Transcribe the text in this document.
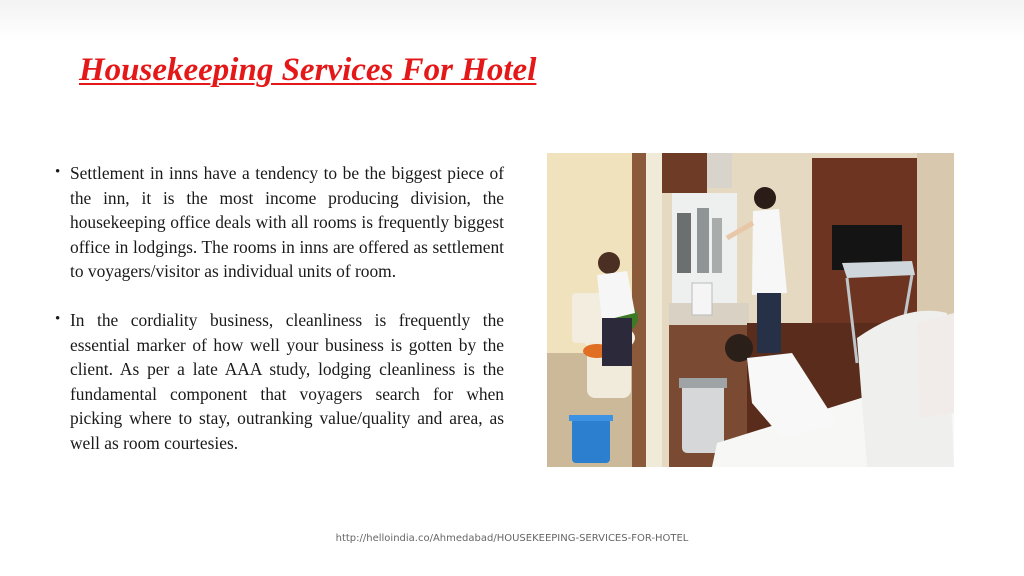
Housekeeping Services For Hotel
• Settlement in inns have a tendency to be the biggest piece of the inn, it is the most income producing division, the housekeeping office deals with all rooms is frequently biggest office in lodgings. The rooms in inns are offered as settlement to voyagers/visitor as individual units of room.
• In the cordiality business, cleanliness is frequently the essential marker of how well your business is gotten by the client. As per a late AAA study, lodging cleanliness is the fundamental component that voyagers search for when picking where to stay, outranking value/quality and area, as well as room courtesies.
http://helloindia.co/Ahmedabad/HOUSEKEEPING-SERVICES-FOR-HOTEL
